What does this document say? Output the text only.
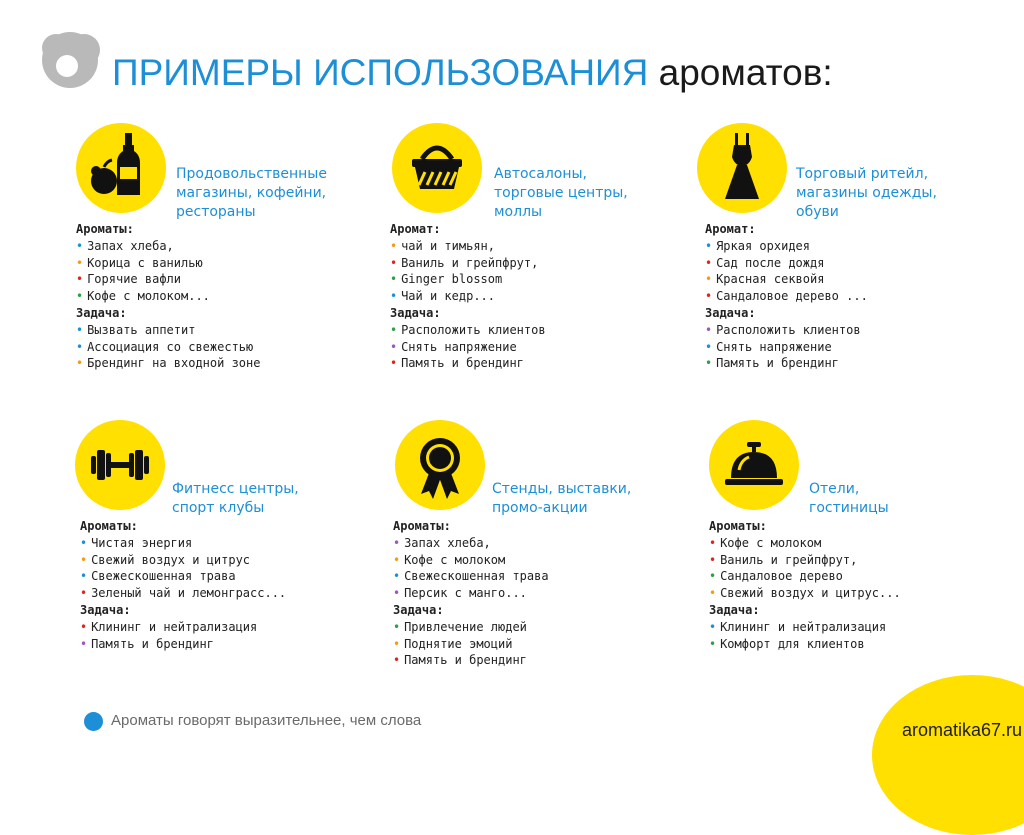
ПРИМЕРЫ ИСПОЛЬЗОВАНИЯ ароматов:
Продовольственные магазины, кофейни, рестораны
Ароматы:
• Запах хлеба,
• Корица с ванилью
• Горячие вафли
• Кофе с молоком...
Задача:
• Вызвать аппетит
• Ассоциация со свежестью
• Брендинг на входной зоне
Автосалоны, торговые центры, моллы
Аромат:
• чай и тимьян,
• Ваниль и грейпфрут,
• Ginger blossom
• Чай и кедр...
Задача:
• Расположить клиентов
• Снять напряжение
• Память и брендинг
Торговый ритейл, магазины одежды, обуви
Аромат:
• Яркая орхидея
• Сад после дождя
• Красная секвойя
• Сандаловое дерево ...
Задача:
• Расположить клиентов
• Снять напряжение
• Память и брендинг
Фитнесс центры, спорт клубы
Ароматы:
• Чистая энергия
• Свежий воздух и цитрус
• Свежескошенная трава
• Зеленый чай и лемонграсс...
Задача:
• Клининг и нейтрализация
• Память и брендинг
Стенды, выставки, промо-акции
Ароматы:
• Запах хлеба,
• Кофе с молоком
• Свежескошенная трава
• Персик с манго...
Задача:
• Привлечение людей
• Поднятие эмоций
• Память и брендинг
Отели, гостиницы
Ароматы:
• Кофе с молоком
• Ваниль и грейпфрут,
• Сандаловое дерево
• Свежий воздух и цитрус...
Задача:
• Клининг и нейтрализация
• Комфорт для клиентов
Ароматы говорят выразительнее, чем слова	aromatika67.ru
